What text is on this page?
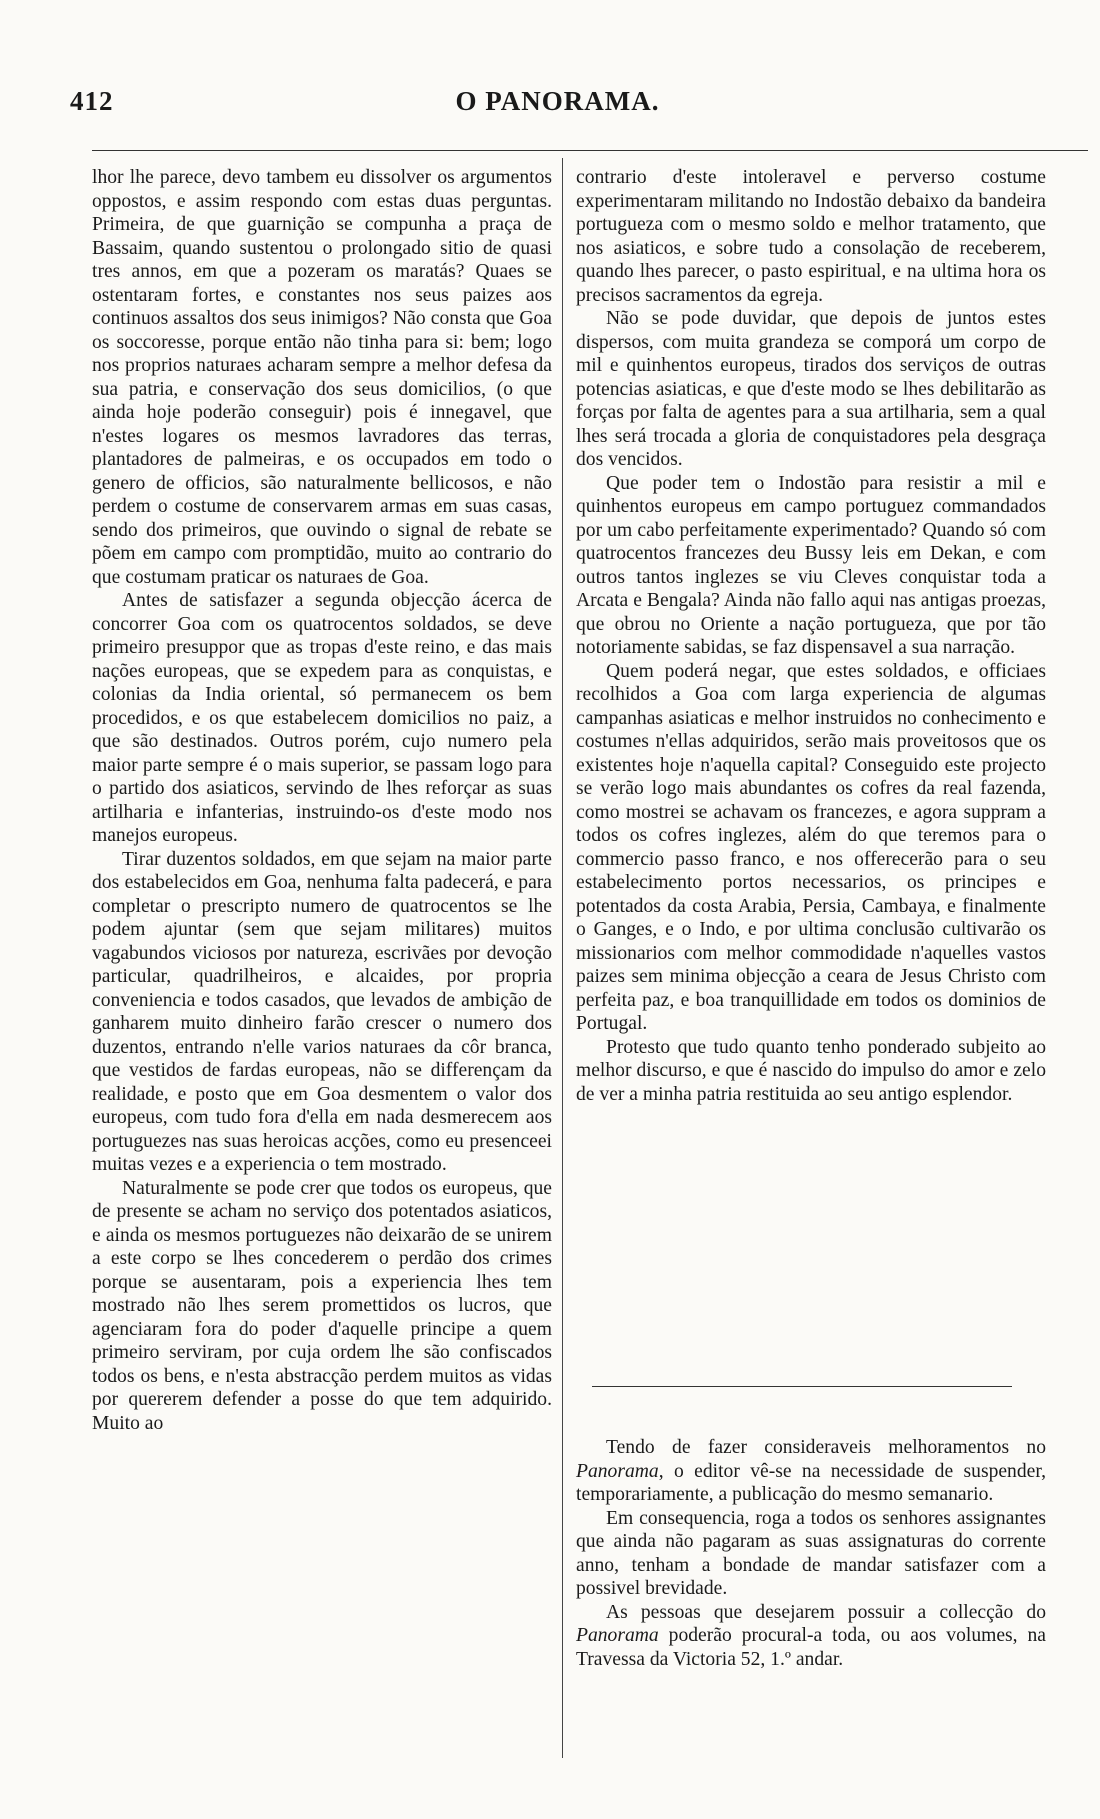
412	O PANORAMA.

lhor lhe parece, devo tambem eu dissolver os argumentos oppostos, e assim respondo com estas duas perguntas. Primeira, de que guarnição se compunha a praça de Bassaim, quando sustentou o prolongado sitio de quasi tres annos, em que a pozeram os maratás? Quaes se ostentaram fortes, e constantes nos seus paizes aos continuos assaltos dos seus inimigos? Não consta que Goa os soccoresse, porque então não tinha para si: bem; logo nos proprios naturaes acharam sempre a melhor defesa da sua patria, e conservação dos seus domicilios, (o que ainda hoje poderão conseguir) pois é innegavel, que n'estes logares os mesmos lavradores das terras, plantadores de palmeiras, e os occupados em todo o genero de officios, são naturalmente bellicosos, e não perdem o costume de conservarem armas em suas casas, sendo dos primeiros, que ouvindo o signal de rebate se põem em campo com promptidão, muito ao contrario do que costumam praticar os naturaes de Goa.

Antes de satisfazer a segunda objecção ácerca de concorrer Goa com os quatrocentos soldados, se deve primeiro presuppor que as tropas d'este reino, e das mais nações europeas, que se expedem para as conquistas, e colonias da India oriental, só permanecem os bem procedidos, e os que estabelecem domicilios no paiz, a que são destinados. Outros porém, cujo numero pela maior parte sempre é o mais superior, se passam logo para o partido dos asiaticos, servindo de lhes reforçar as suas artilharia e infanterias, instruindo-os d'este modo nos manejos europeus.

Tirar duzentos soldados, em que sejam na maior parte dos estabelecidos em Goa, nenhuma falta padecerá, e para completar o prescripto numero de quatrocentos se lhe podem ajuntar (sem que sejam militares) muitos vagabundos viciosos por natureza, escrivães por devoção particular, quadrilheiros, e alcaides, por propria conveniencia e todos casados, que levados de ambição de ganharem muito dinheiro farão crescer o numero dos duzentos, entrando n'elle varios naturaes da côr branca, que vestidos de fardas europeas, não se differençam da realidade, e posto que em Goa desmentem o valor dos europeus, com tudo fora d'ella em nada desmerecem aos portuguezes nas suas heroicas acções, como eu presenceei muitas vezes e a experiencia o tem mostrado.

Naturalmente se pode crer que todos os europeus, que de presente se acham no serviço dos potentados asiaticos, e ainda os mesmos portuguezes não deixarão de se unirem a este corpo se lhes concederem o perdão dos crimes porque se ausentaram, pois a experiencia lhes tem mostrado não lhes serem promettidos os lucros, que agenciaram fora do poder d'aquelle principe a quem primeiro serviram, por cuja ordem lhe são confiscados todos os bens, e n'esta abstracção perdem muitos as vidas por quererem defender a posse do que tem adquirido. Muito ao

contrario d'este intoleravel e perverso costume experimentaram militando no Indostão debaixo da bandeira portugueza com o mesmo soldo e melhor tratamento, que nos asiaticos, e sobre tudo a consolação de receberem, quando lhes parecer, o pasto espiritual, e na ultima hora os precisos sacramentos da egreja.

Não se pode duvidar, que depois de juntos estes dispersos, com muita grandeza se comporá um corpo de mil e quinhentos europeus, tirados dos serviços de outras potencias asiaticas, e que d'este modo se lhes debilitarão as forças por falta de agentes para a sua artilharia, sem a qual lhes será trocada a gloria de conquistadores pela desgraça dos vencidos.

Que poder tem o Indostão para resistir a mil e quinhentos europeus em campo portuguez commandados por um cabo perfeitamente experimentado? Quando só com quatrocentos francezes deu Bussy leis em Dekan, e com outros tantos inglezes se viu Cleves conquistar toda a Arcata e Bengala? Ainda não fallo aqui nas antigas proezas, que obrou no Oriente a nação portugueza, que por tão notoriamente sabidas, se faz dispensavel a sua narração.

Quem poderá negar, que estes soldados, e officiaes recolhidos a Goa com larga experiencia de algumas campanhas asiaticas e melhor instruidos no conhecimento e costumes n'ellas adquiridos, serão mais proveitosos que os existentes hoje n'aquella capital? Conseguido este projecto se verão logo mais abundantes os cofres da real fazenda, como mostrei se achavam os francezes, e agora suppram a todos os cofres inglezes, além do que teremos para o commercio passo franco, e nos offerecerão para o seu estabelecimento portos necessarios, os principes e potentados da costa Arabia, Persia, Cambaya, e finalmente o Ganges, e o Indo, e por ultima conclusão cultivarão os missionarios com melhor commodidade n'aquelles vastos paizes sem minima objecção a ceara de Jesus Christo com perfeita paz, e boa tranquillidade em todos os dominios de Portugal.

Protesto que tudo quanto tenho ponderado subjeito ao melhor discurso, e que é nascido do impulso do amor e zelo de ver a minha patria restituida ao seu antigo esplendor.

Tendo de fazer consideraveis melhoramentos no Panorama, o editor vê-se na necessidade de suspender, temporariamente, a publicação do mesmo semanario.

Em consequencia, roga a todos os senhores assignantes que ainda não pagaram as suas assignaturas do corrente anno, tenham a bondade de mandar satisfazer com a possivel brevidade.

As pessoas que desejarem possuir a collecção do Panorama poderão procural-a toda, ou aos volumes, na Travessa da Victoria 52, 1.º andar.
